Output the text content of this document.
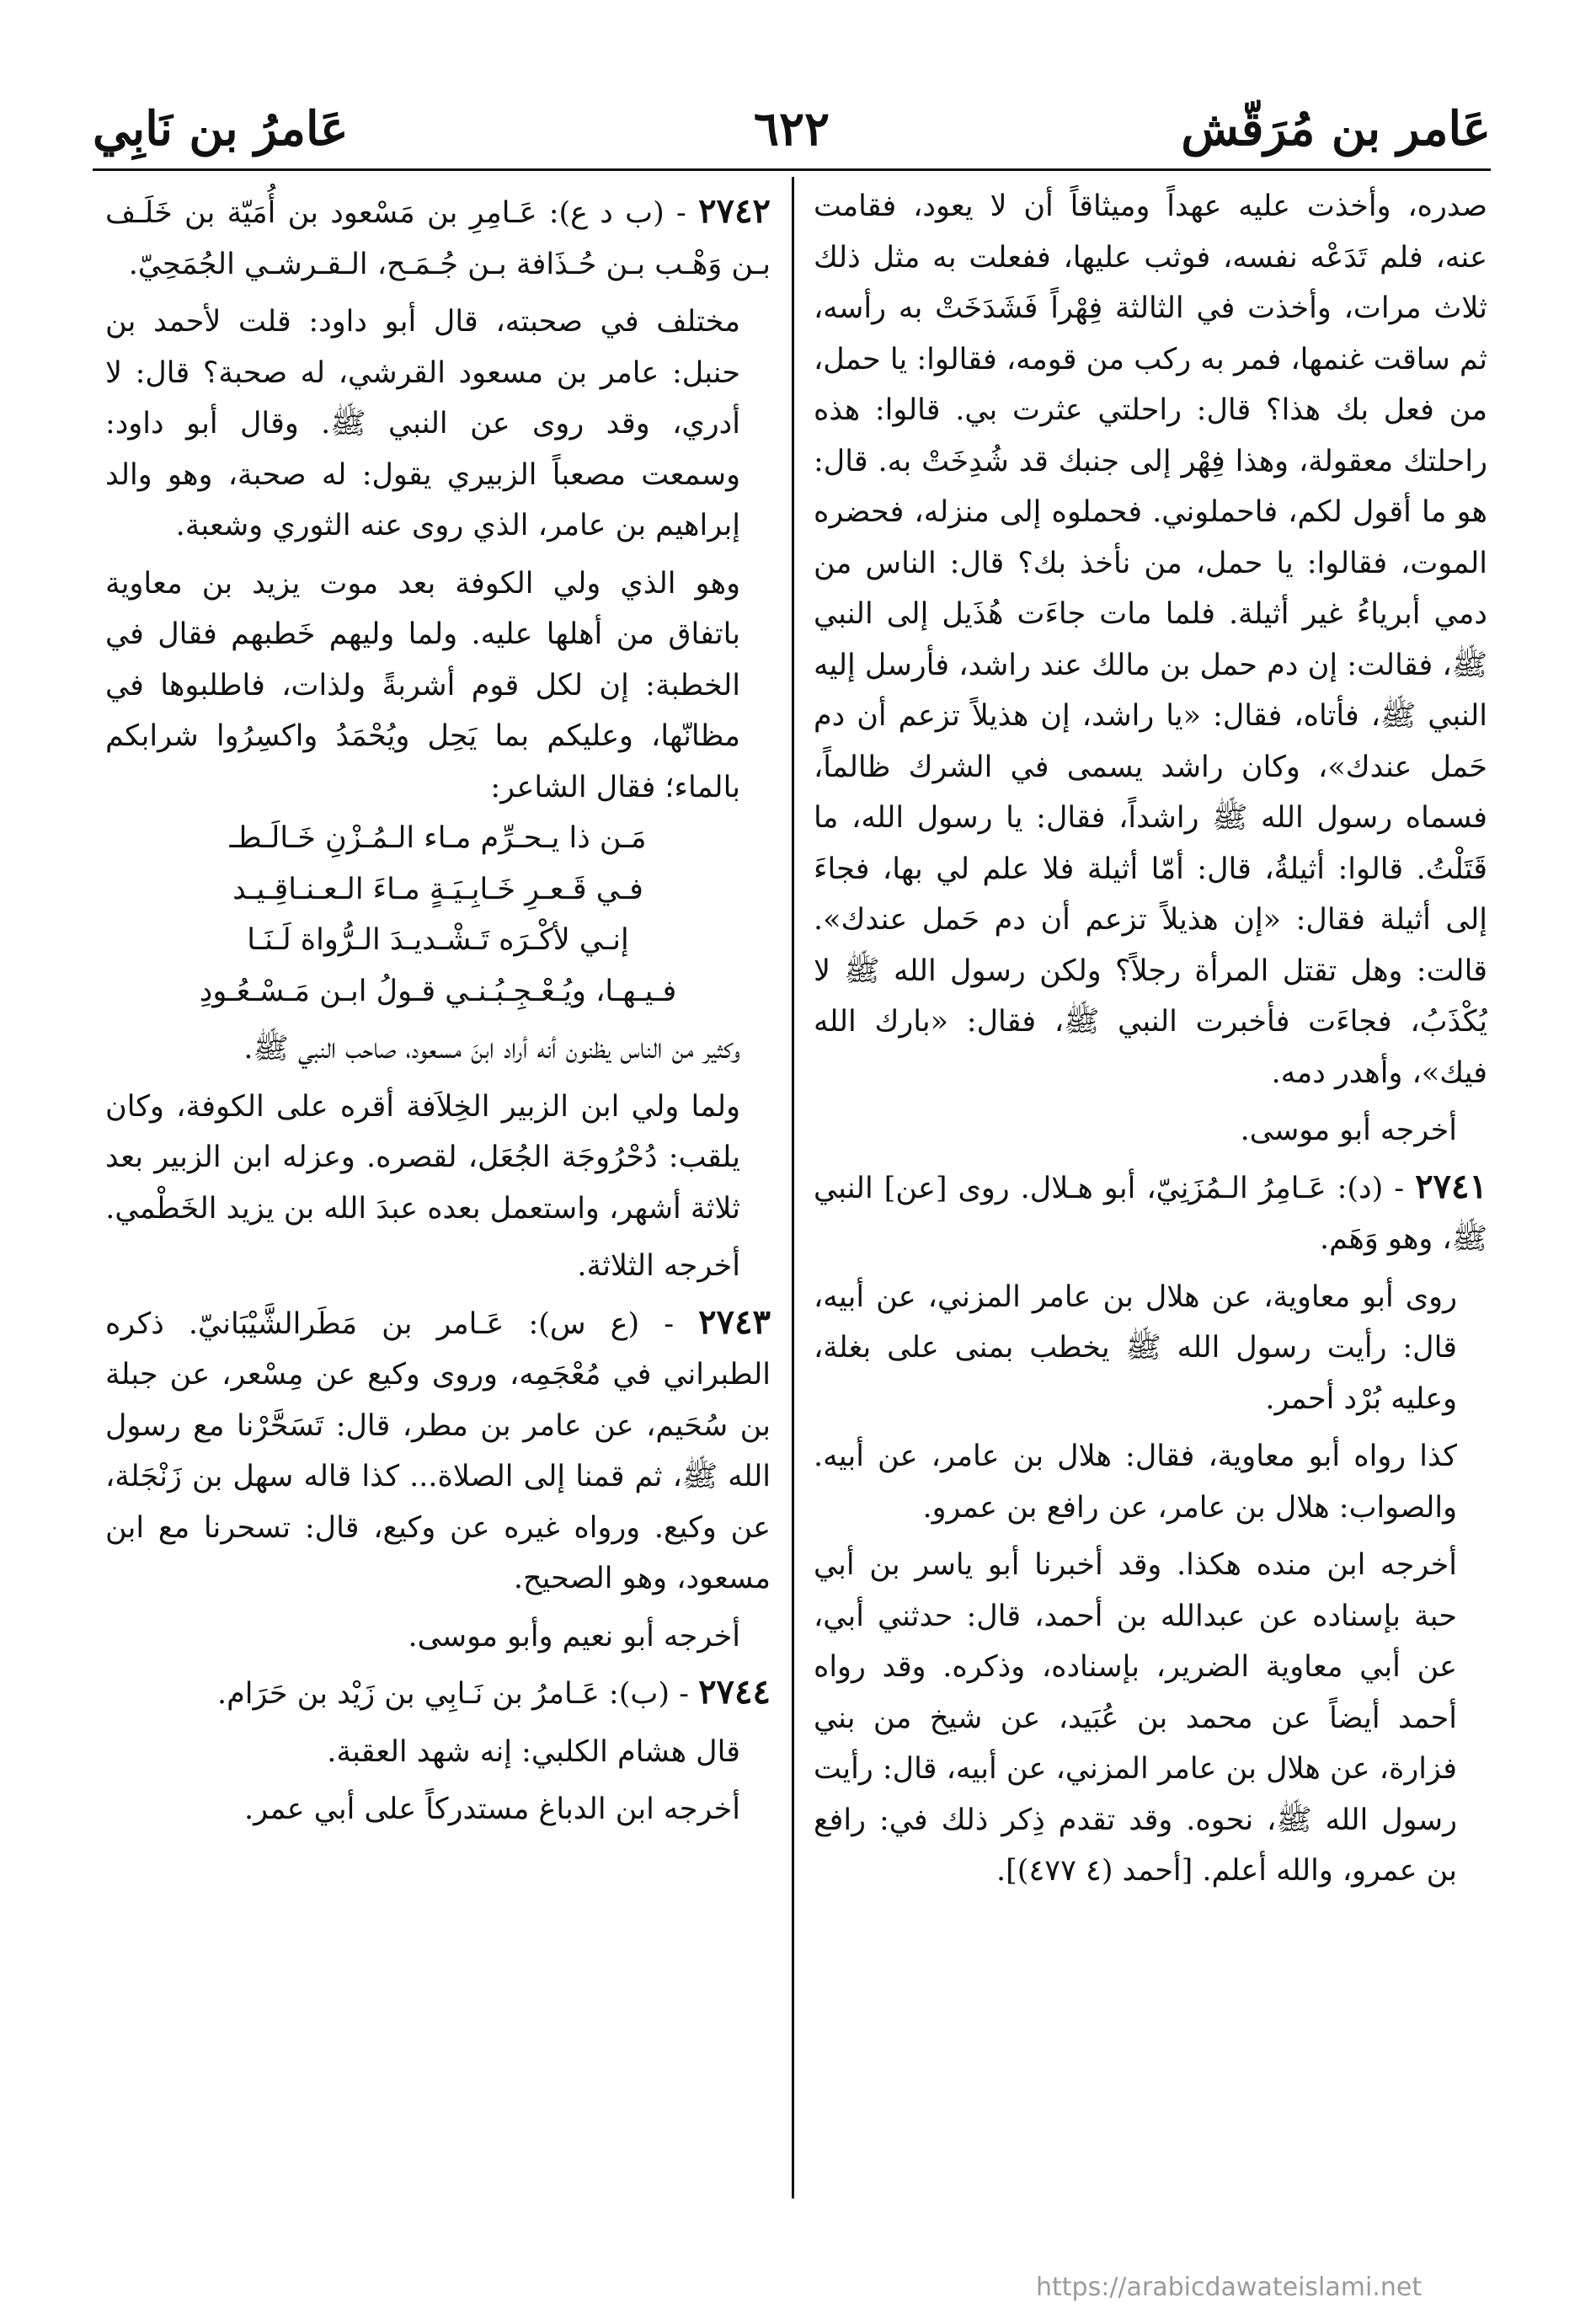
عَامر بن مُرَقّش
٦٢٢
عَامرُ بن نَابِي

صدره، وأخذت عليه عهداً وميثاقاً أن لا يعود، فقامت عنه، فلم تَدَعْه نفسه، فوثب عليها، ففعلت به مثل ذلك ثلاث مرات، وأخذت في الثالثة فِهْراً فَشَدَخَتْ به رأسه، ثم ساقت غنمها، فمر به ركب من قومه، فقالوا: يا حمل، من فعل بك هذا؟ قال: راحلتي عثرت بي. قالوا: هذه راحلتك معقولة، وهذا فِهْر إلى جنبك قد شُدِخَتْ به. قال: هو ما أقول لكم، فاحملوني. فحملوه إلى منزله، فحضره الموت، فقالوا: يا حمل، من نأخذ بك؟ قال: الناس من دمي أبرياءُ غير أثيلة. فلما مات جاءَت هُذَيل إلى النبي ﷺ، فقالت: إن دم حمل بن مالك عند راشد، فأرسل إليه النبي ﷺ، فأتاه، فقال: «يا راشد، إن هذيلاً تزعم أن دم حَمل عندك»، وكان راشد يسمى في الشرك ظالماً، فسماه رسول الله ﷺ راشداً، فقال: يا رسول الله، ما قَتَلْتُ. قالوا: أثيلةُ، قال: أمّا أثيلة فلا علم لي بها، فجاءَ إلى أثيلة فقال: «إن هذيلاً تزعم أن دم حَمل عندك». قالت: وهل تقتل المرأة رجلاً؟ ولكن رسول الله ﷺ لا يُكْذَبُ، فجاءَت فأخبرت النبي ﷺ، فقال: «بارك الله فيك»، وأهدر دمه.

أخرجه أبو موسى.

٢٧٤١ - (د): عَـامِرُ الـمُزَنِيّ، أبو هـلال. روى [عن] النبي ﷺ، وهو وَهَم.

روى أبو معاوية، عن هلال بن عامر المزني، عن أبيه، قال: رأيت رسول الله ﷺ يخطب بمنى على بغلة، وعليه بُرْد أحمر.

كذا رواه أبو معاوية، فقال: هلال بن عامر، عن أبيه. والصواب: هلال بن عامر، عن رافع بن عمرو.

أخرجه ابن منده هكذا. وقد أخبرنا أبو ياسر بن أبي حبة بإسناده عن عبدالله بن أحمد، قال: حدثني أبي، عن أبي معاوية الضرير، بإسناده، وذكره. وقد رواه أحمد أيضاً عن محمد بن عُبَيد، عن شيخ من بني فزارة، عن هلال بن عامر المزني، عن أبيه، قال: رأيت رسول الله ﷺ، نحوه. وقد تقدم ذِكر ذلك في: رافع بن عمرو، والله أعلم. [أحمد (٤ ٤٧٧)].

٢٧٤٢ - (ب د ع): عَـامِرِ بن مَسْعود بن أُمَيّة بن خَلَـف بـن وَهْـب بـن حُـذَافة بـن جُـمَـح، الـقـرشـي الجُمَحِيّ.

مختلف في صحبته، قال أبو داود: قلت لأحمد بن حنبل: عامر بن مسعود القرشي، له صحبة؟ قال: لا أدري، وقد روى عن النبي ﷺ. وقال أبو داود: وسمعت مصعباً الزبيري يقول: له صحبة، وهو والد إبراهيم بن عامر، الذي روى عنه الثوري وشعبة.

وهو الذي ولي الكوفة بعد موت يزيد بن معاوية باتفاق من أهلها عليه. ولما وليهم خَطبهم فقال في الخطبة: إن لكل قوم أشربةً ولذات، فاطلبوها في مظانّها، وعليكم بما يَحِل ويُحْمَدُ واكسِرُوا شرابكم بالماء؛ فقال الشاعر:

مَـن ذا يـحـرِّم مـاء الـمُـزْنِ خَـالَـطـ

فـي قَـعـرِ خَـابِـيَـةٍ مـاءَ الـعـنـاقِـيـد

إنـي لأكْـرَه تَـشْـديـدَ الـرُّواة لَـنَـا

فـيـهـا، ويُـعْـجِـبُـنـي قـولُ ابـن مَـسْـعُـودِ

وكثير من الناس يظنون أنه أراد ابنَ مسعود، صاحب النبي ﷺ.

ولما ولي ابن الزبير الخِلاَفة أقره على الكوفة، وكان يلقب: دُحْرُوجَة الجُعَل، لقصره. وعزله ابن الزبير بعد ثلاثة أشهر، واستعمل بعده عبدَ الله بن يزيد الخَطْمي.

أخرجه الثلاثة.

٢٧٤٣ - (ع س): عَـامر بن مَطَرالشَّيْبَانيّ. ذكره الطبراني في مُعْجَمِه، وروى وكيع عن مِسْعر، عن جبلة بن سُحَيم، عن عامر بن مطر، قال: تَسَحَّرْنا مع رسول الله ﷺ، ثم قمنا إلى الصلاة... كذا قاله سهل بن زَنْجَلة، عن وكيع. ورواه غيره عن وكيع، قال: تسحرنا مع ابن مسعود، وهو الصحيح.

أخرجه أبو نعيم وأبو موسى.

٢٧٤٤ - (ب): عَـامرُ بن نَـابِي بن زَيْد بن حَرَام.

قال هشام الكلبي: إنه شهد العقبة.

أخرجه ابن الدباغ مستدركاً على أبي عمر.

https://arabicdawateislami.net
